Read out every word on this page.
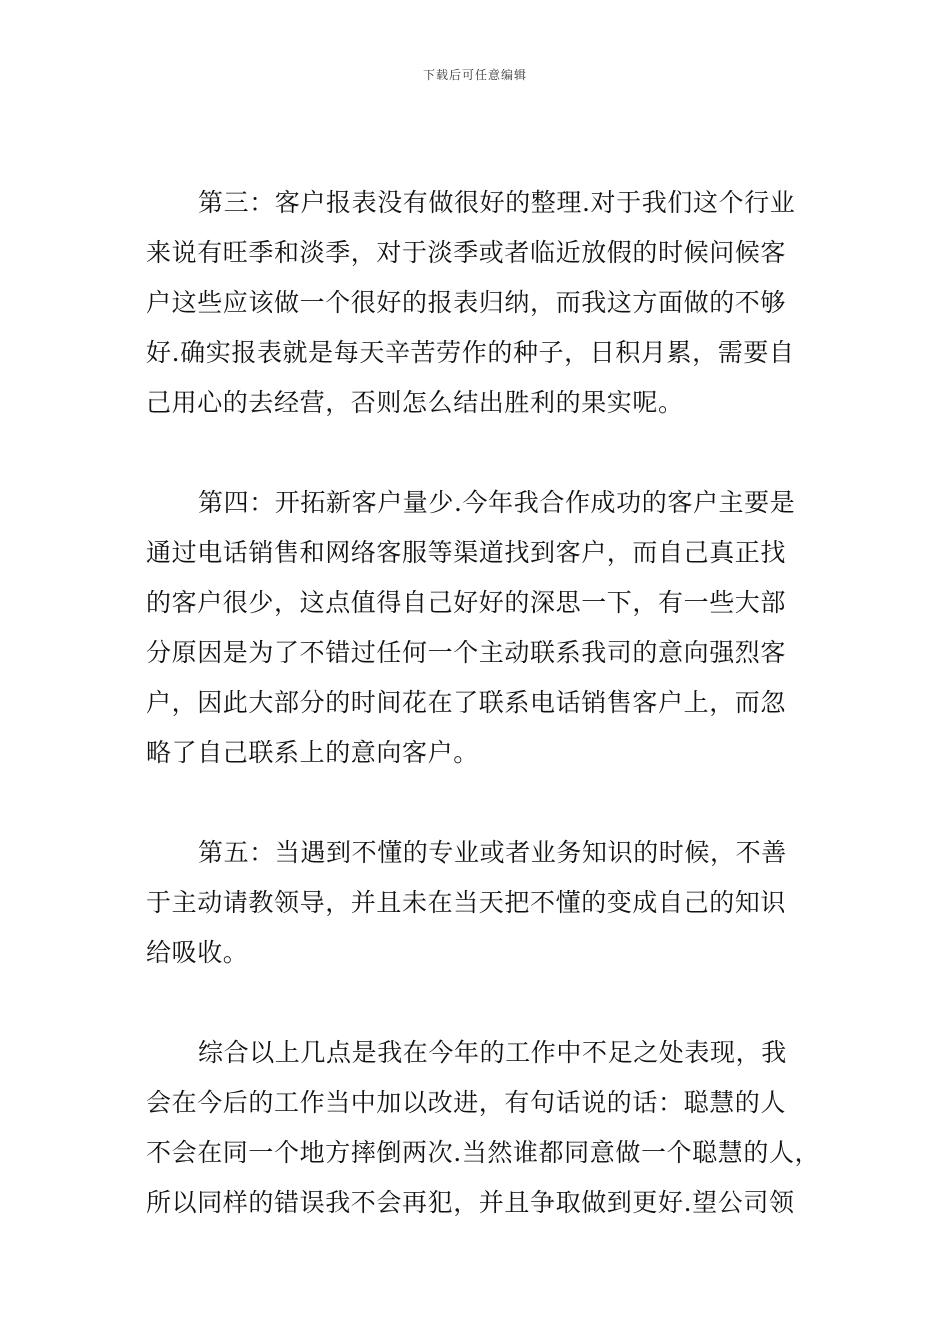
下载后可任意编辑
第三：客户报表没有做很好的整理.对于我们这个行业
来说有旺季和淡季，对于淡季或者临近放假的时候问候客
户这些应该做一个很好的报表归纳，而我这方面做的不够
好.确实报表就是每天辛苦劳作的种子，日积月累，需要自
己用心的去经营，否则怎么结出胜利的果实呢。
第四：开拓新客户量少.今年我合作成功的客户主要是
通过电话销售和网络客服等渠道找到客户，而自己真正找
的客户很少，这点值得自己好好的深思一下，有一些大部
分原因是为了不错过任何一个主动联系我司的意向强烈客
户，因此大部分的时间花在了联系电话销售客户上，而忽
略了自己联系上的意向客户。
第五：当遇到不懂的专业或者业务知识的时候，不善
于主动请教领导，并且未在当天把不懂的变成自己的知识
给吸收。
综合以上几点是我在今年的工作中不足之处表现，我
会在今后的工作当中加以改进，有句话说的话：聪慧的人
不会在同一个地方摔倒两次.当然谁都同意做一个聪慧的人，
所以同样的错误我不会再犯，并且争取做到更好.望公司领
